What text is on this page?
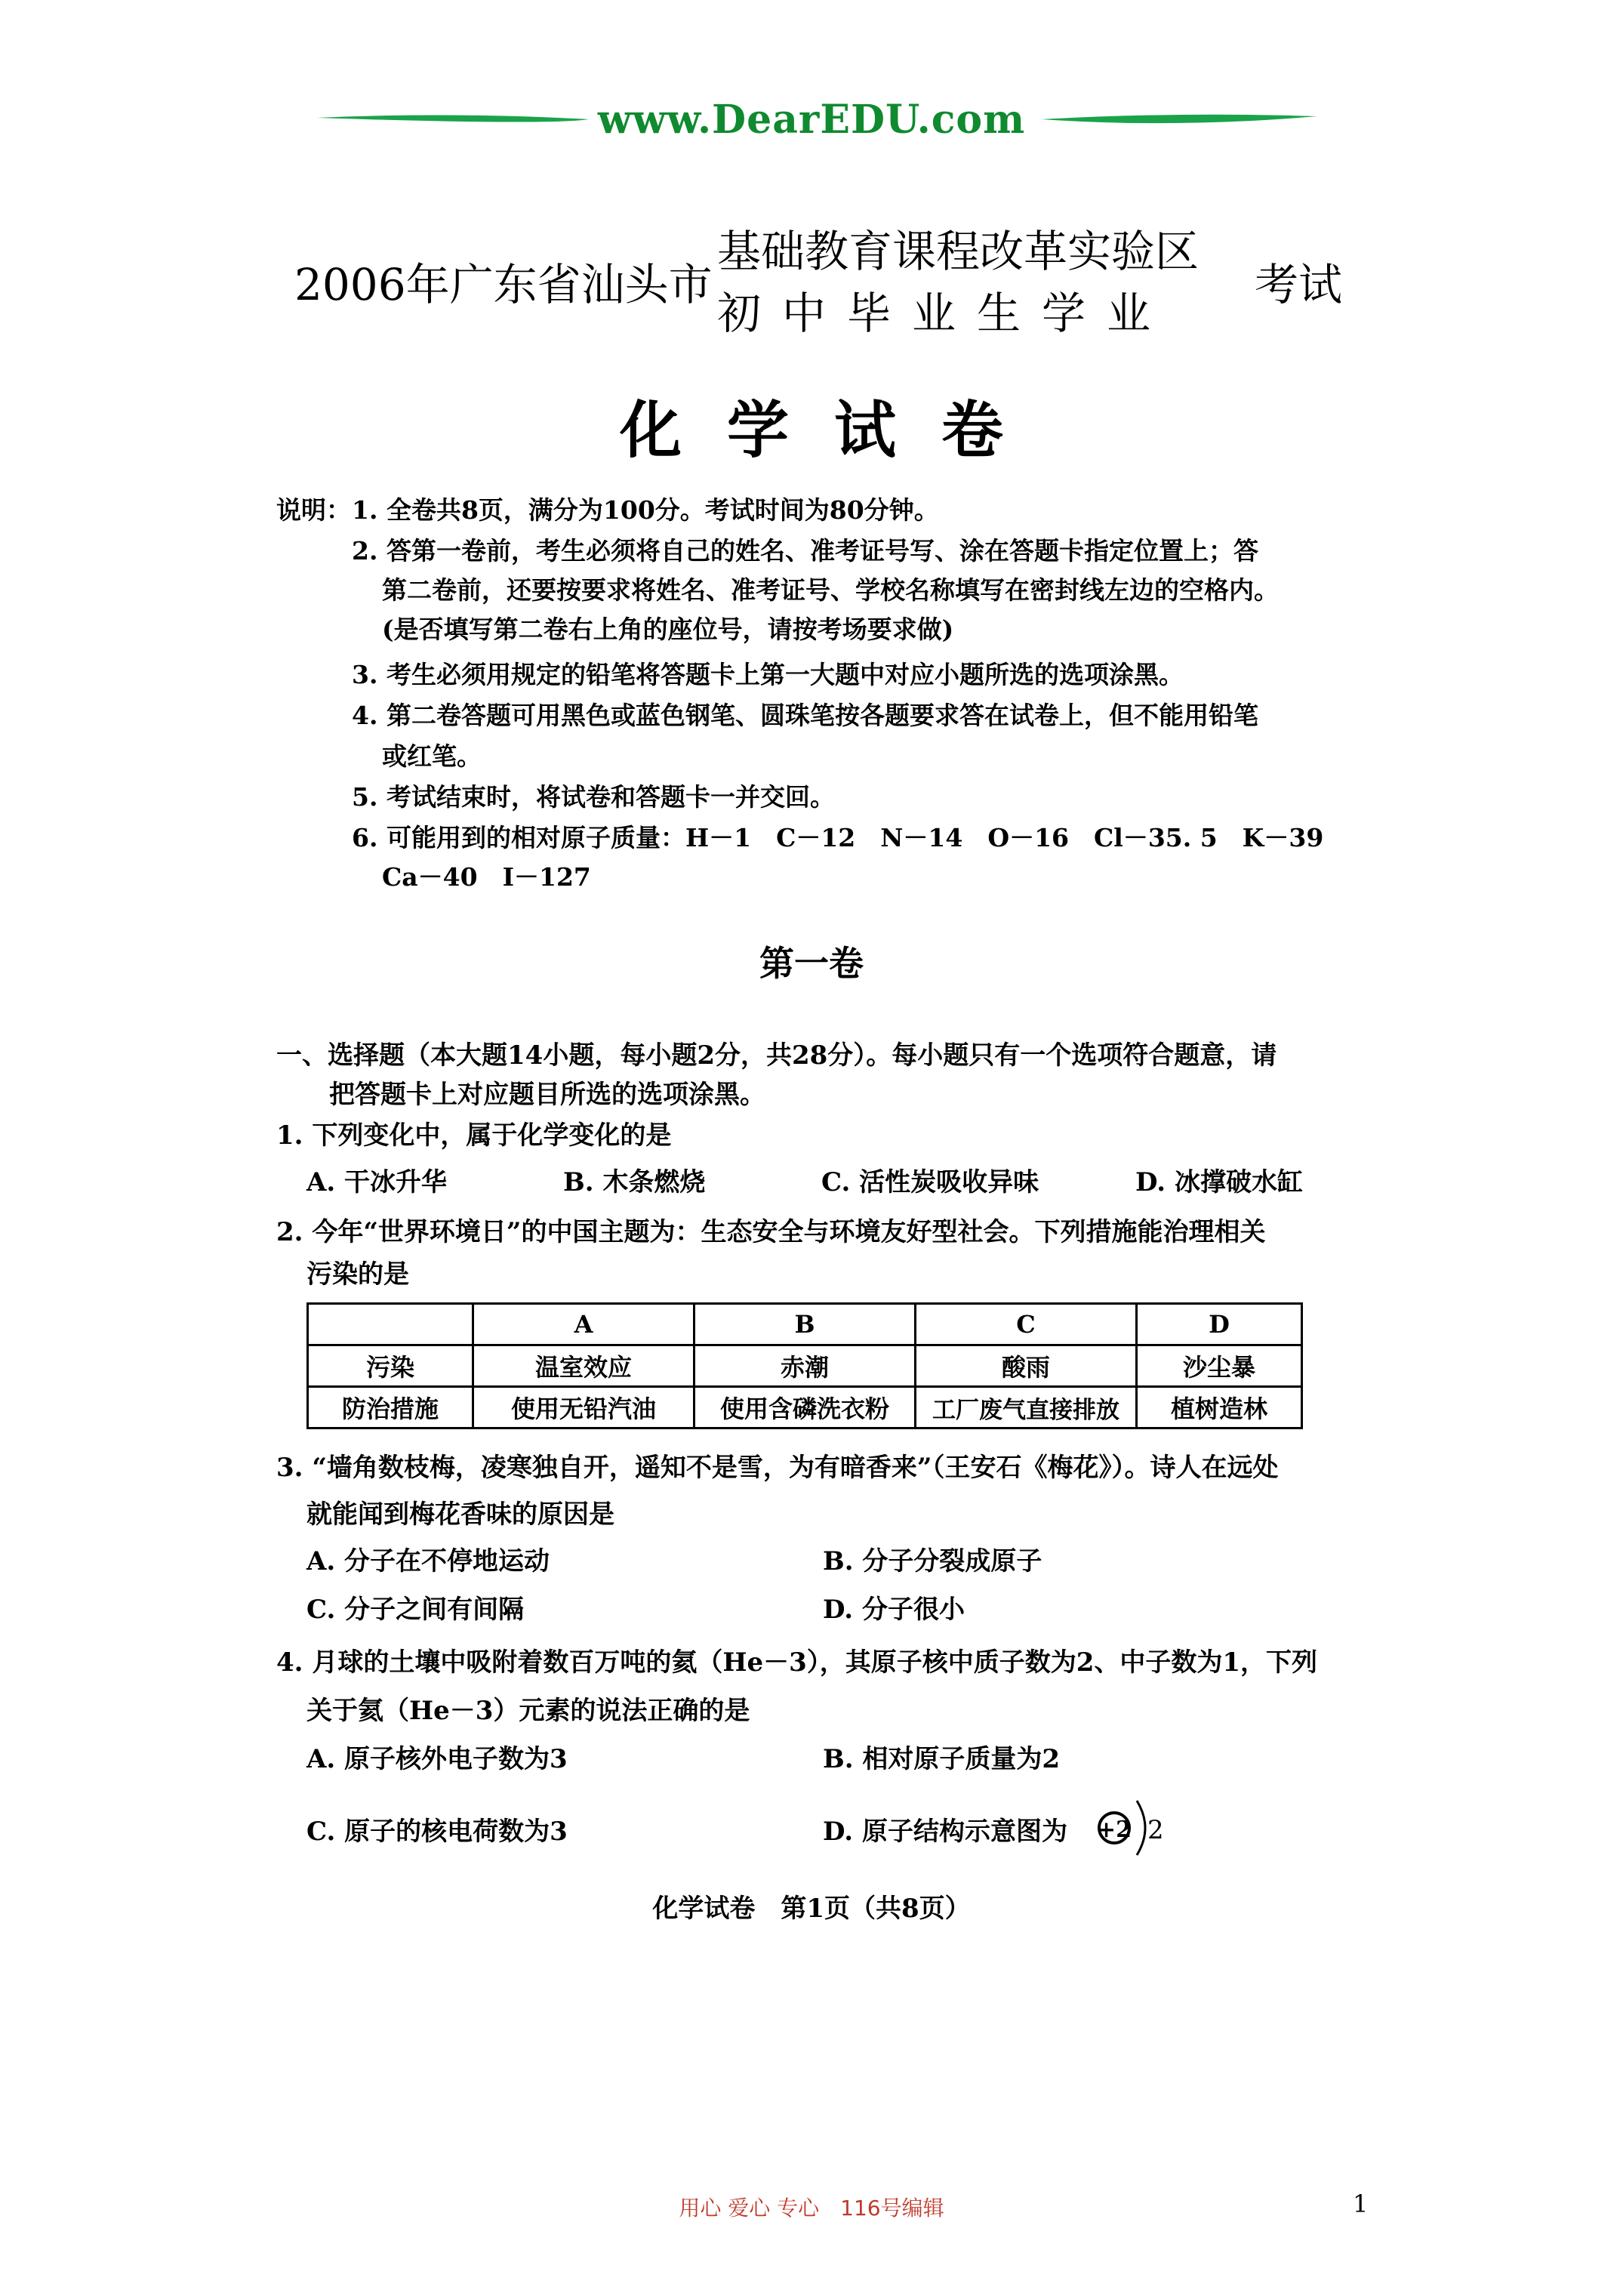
www.DearEDU.com
2006年广东省汕头市
基础教育课程改革实验区
初中毕业生学业
考试
化学试卷
说明： 1. 全卷共8页，满分为100分。考试时间为80分钟。
2. 答第一卷前，考生必须将自己的姓名、准考证号写、涂在答题卡指定位置上；答
第二卷前，还要按要求将姓名、准考证号、学校名称填写在密封线左边的空格内。
(是否填写第二卷右上角的座位号，请按考场要求做)
3. 考生必须用规定的铅笔将答题卡上第一大题中对应小题所选的选项涂黑。
4. 第二卷答题可用黑色或蓝色钢笔、圆珠笔按各题要求答在试卷上，但不能用铅笔
或红笔。
5. 考试结束时，将试卷和答题卡一并交回。
6. 可能用到的相对原子质量：H－1　C－12　N－14　O－16　Cl－35. 5　K－39
Ca－40　I－127
第一卷
一、选择题（本大题14小题，每小题2分，共28分）。每小题只有一个选项符合题意，请
把答题卡上对应题目所选的选项涂黑。
1. 下列变化中，属于化学变化的是
A. 干冰升华	B. 木条燃烧	C. 活性炭吸收异味	D. 冰撑破水缸
2. 今年“世界环境日”的中国主题为：生态安全与环境友好型社会。下列措施能治理相关
污染的是
	A	B	C	D
污染	温室效应	赤潮	酸雨	沙尘暴
防治措施	使用无铅汽油	使用含磷洗衣粉	工厂废气直接排放	植树造林
3. “墙角数枝梅，凌寒独自开，遥知不是雪，为有暗香来”（王安石《梅花》）。诗人在远处
就能闻到梅花香味的原因是
A. 分子在不停地运动	B. 分子分裂成原子
C. 分子之间有间隔	D. 分子很小
4. 月球的土壤中吸附着数百万吨的氦（He－3），其原子核中质子数为2、中子数为1，下列
关于氦（He－3）元素的说法正确的是
A. 原子核外电子数为3	B. 相对原子质量为2
C. 原子的核电荷数为3	D. 原子结构示意图为 +2 2
化学试卷　第1页（共8页）
用心 爱心 专心　116号编辑	1
